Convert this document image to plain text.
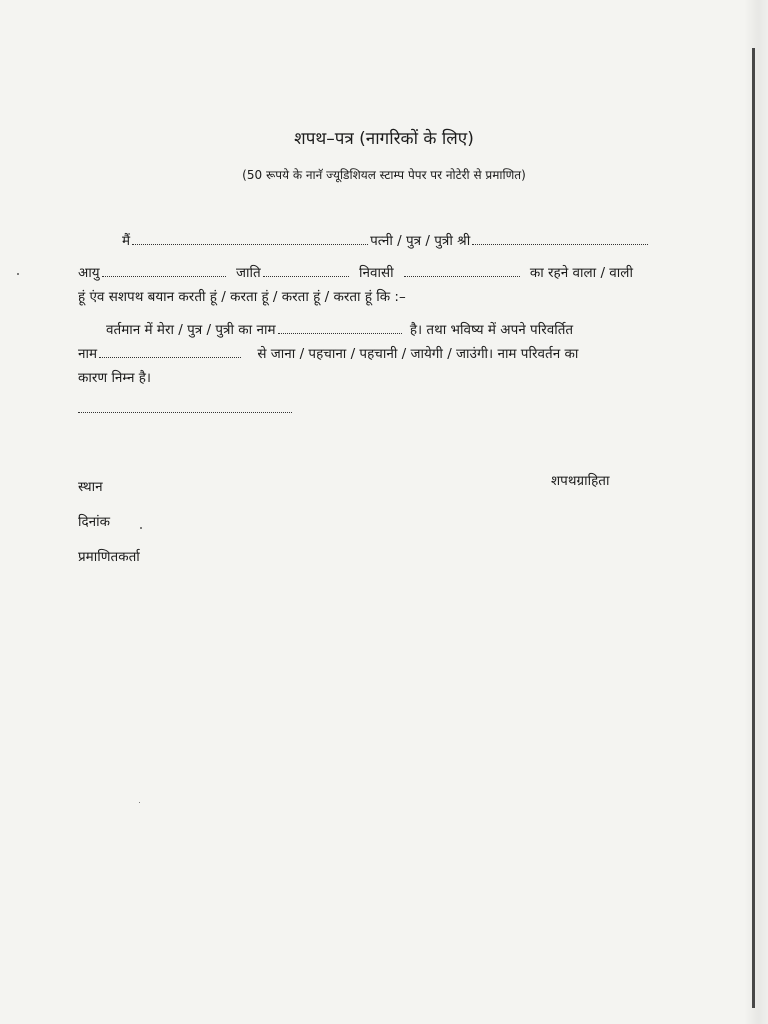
शपथ–पत्र (नागरिकों के लिए)
(50 रूपये के नानॅ ज्यूडिशियल स्टाम्प पेपर पर नोटेरी से प्रमाणित)
मैं	पत्नी / पुत्र / पुत्री श्री
आयु	जाति	निवासी	का रहने वाला / वाली
हूं एंव सशपथ बयान करती हूं / करता हूं / करता हूं / करता हूं कि :–
वर्तमान में मेरा / पुत्र / पुत्री का नाम	है। तथा भविष्य में अपने परिवर्तित
नाम	से जाना / पहचाना / पहचानी / जायेगी / जाउंगी। नाम परिवर्तन का
कारण निम्न है।
स्थान
दिनांक
प्रमाणितकर्ता
शपथग्राहिता
